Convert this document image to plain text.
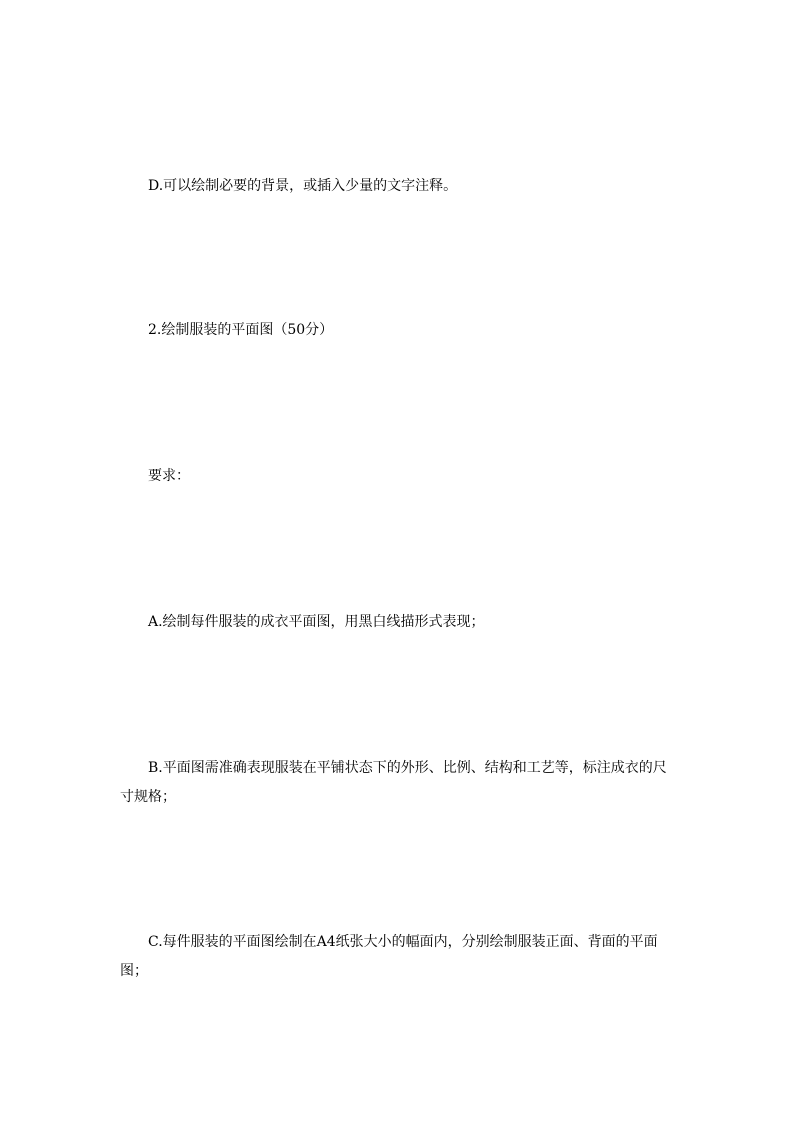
D.可以绘制必要的背景，或插入少量的文字注释。

2.绘制服装的平面图（50分）

要求：

A.绘制每件服装的成衣平面图，用黑白线描形式表现；

B.平面图需准确表现服装在平铺状态下的外形、比例、结构和工艺等，标注成衣的尺寸规格；

C.每件服装的平面图绘制在A4纸张大小的幅面内，分别绘制服装正面、背面的平面图；
